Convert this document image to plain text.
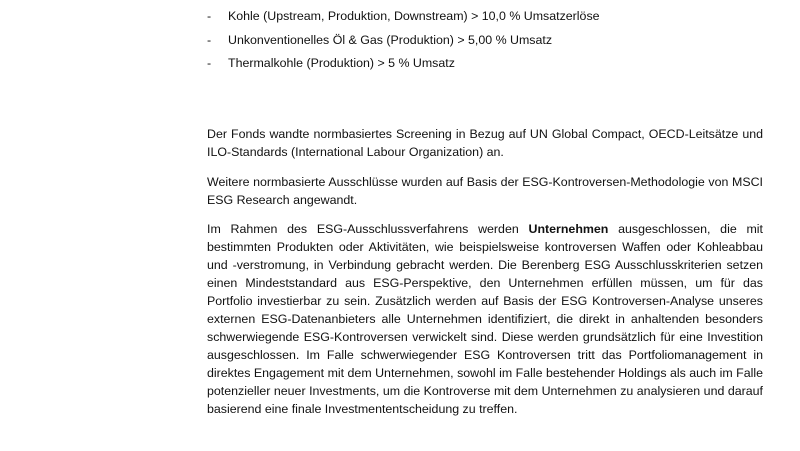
- Kohle (Upstream, Produktion, Downstream) > 10,0 % Umsatzerlöse
- Unkonventionelles Öl & Gas (Produktion) > 5,00 % Umsatz
- Thermalkohle (Produktion) > 5 % Umsatz

Der Fonds wandte normbasiertes Screening in Bezug auf UN Global Compact, OECD-Leitsätze und ILO-Standards (International Labour Organization) an.

Weitere normbasierte Ausschlüsse wurden auf Basis der ESG-Kontroversen-Methodologie von MSCI ESG Research angewandt.

Im Rahmen des ESG-Ausschlussverfahrens werden Unternehmen ausgeschlossen, die mit bestimmten Produkten oder Aktivitäten, wie beispielsweise kontroversen Waffen oder Kohleabbau und -verstromung, in Verbindung gebracht werden. Die Berenberg ESG Ausschlusskriterien setzen einen Mindeststandard aus ESG-Perspektive, den Unternehmen erfüllen müssen, um für das Portfolio investierbar zu sein. Zusätzlich werden auf Basis der ESG Kontroversen-Analyse unseres externen ESG-Datenanbieters alle Unternehmen identifiziert, die direkt in anhaltenden besonders schwerwiegende ESG-Kontroversen verwickelt sind. Diese werden grundsätzlich für eine Investition ausgeschlossen. Im Falle schwerwiegender ESG Kontroversen tritt das Portfoliomanagement in direktes Engagement mit dem Unternehmen, sowohl im Falle bestehender Holdings als auch im Falle potenzieller neuer Investments, um die Kontroverse mit dem Unternehmen zu analysieren und darauf basierend eine finale Investmententscheidung zu treffen.
